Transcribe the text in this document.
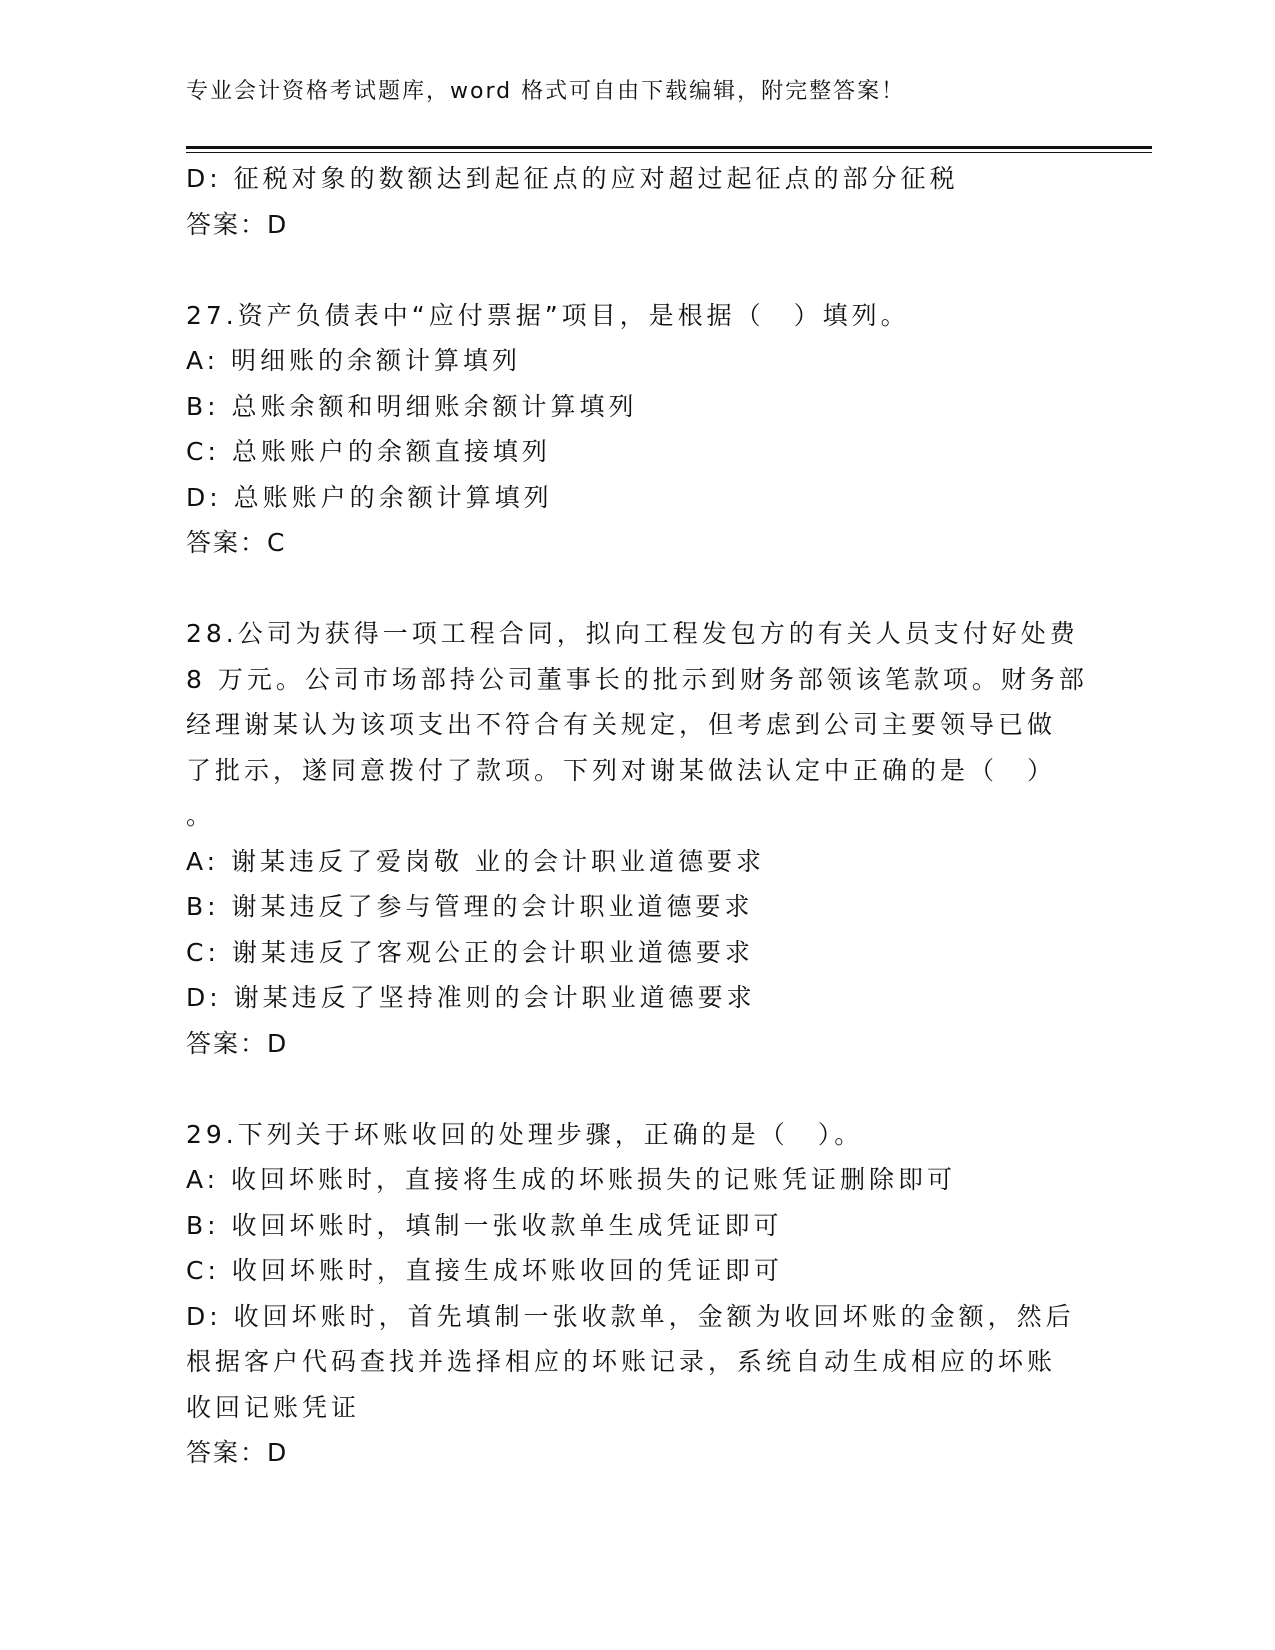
专业会计资格考试题库，word 格式可自由下载编辑，附完整答案！
D: 征税对象的数额达到起征点的应对超过起征点的部分征税
答案：D
27.资产负债表中“应付票据”项目，是根据（　）填列。
A: 明细账的余额计算填列
B: 总账余额和明细账余额计算填列
C: 总账账户的余额直接填列
D: 总账账户的余额计算填列
答案：C
28.公司为获得一项工程合同，拟向工程发包方的有关人员支付好处费
8 万元。公司市场部持公司董事长的批示到财务部领该笔款项。财务部
经理谢某认为该项支出不符合有关规定，但考虑到公司主要领导已做
了批示，遂同意拨付了款项。下列对谢某做法认定中正确的是（　）
。
A: 谢某违反了爱岗敬 业的会计职业道德要求
B: 谢某违反了参与管理的会计职业道德要求
C: 谢某违反了客观公正的会计职业道德要求
D: 谢某违反了坚持准则的会计职业道德要求
答案：D
29.下列关于坏账收回的处理步骤，正确的是（　）。
A: 收回坏账时，直接将生成的坏账损失的记账凭证删除即可
B: 收回坏账时，填制一张收款单生成凭证即可
C: 收回坏账时，直接生成坏账收回的凭证即可
D: 收回坏账时，首先填制一张收款单，金额为收回坏账的金额，然后
根据客户代码查找并选择相应的坏账记录，系统自动生成相应的坏账
收回记账凭证
答案：D
